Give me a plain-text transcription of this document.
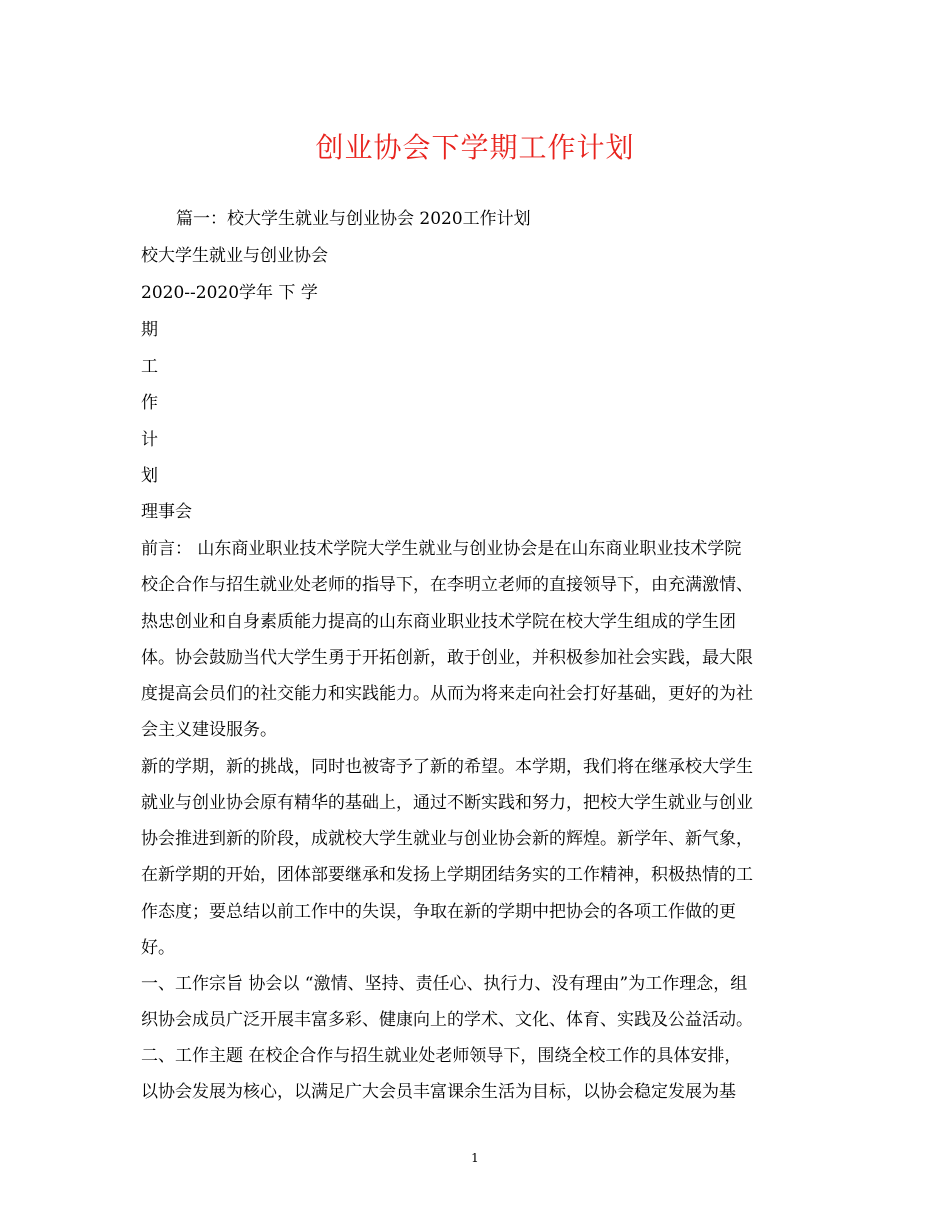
创业协会下学期工作计划
篇一：校大学生就业与创业协会 2020工作计划
校大学生就业与创业协会
2020--2020学年 下 学
期
工
作
计
划
理事会
前言： 山东商业职业技术学院大学生就业与创业协会是在山东商业职业技术学院
校企合作与招生就业处老师的指导下，在李明立老师的直接领导下，由充满激情、
热忠创业和自身素质能力提高的山东商业职业技术学院在校大学生组成的学生团
体。协会鼓励当代大学生勇于开拓创新，敢于创业，并积极参加社会实践，最大限
度提高会员们的社交能力和实践能力。从而为将来走向社会打好基础，更好的为社
会主义建设服务。
新的学期，新的挑战，同时也被寄予了新的希望。本学期，我们将在继承校大学生
就业与创业协会原有精华的基础上，通过不断实践和努力，把校大学生就业与创业
协会推进到新的阶段，成就校大学生就业与创业协会新的辉煌。新学年、新气象，
在新学期的开始，团体部要继承和发扬上学期团结务实的工作精神，积极热情的工
作态度；要总结以前工作中的失误，争取在新的学期中把协会的各项工作做的更
好。
一、工作宗旨 协会以 “激情、坚持、责任心、执行力、没有理由”为工作理念，组
织协会成员广泛开展丰富多彩、健康向上的学术、文化、体育、实践及公益活动。
二、工作主题 在校企合作与招生就业处老师领导下，围绕全校工作的具体安排，
以协会发展为核心，以满足广大会员丰富课余生活为目标，以协会稳定发展为基
1
